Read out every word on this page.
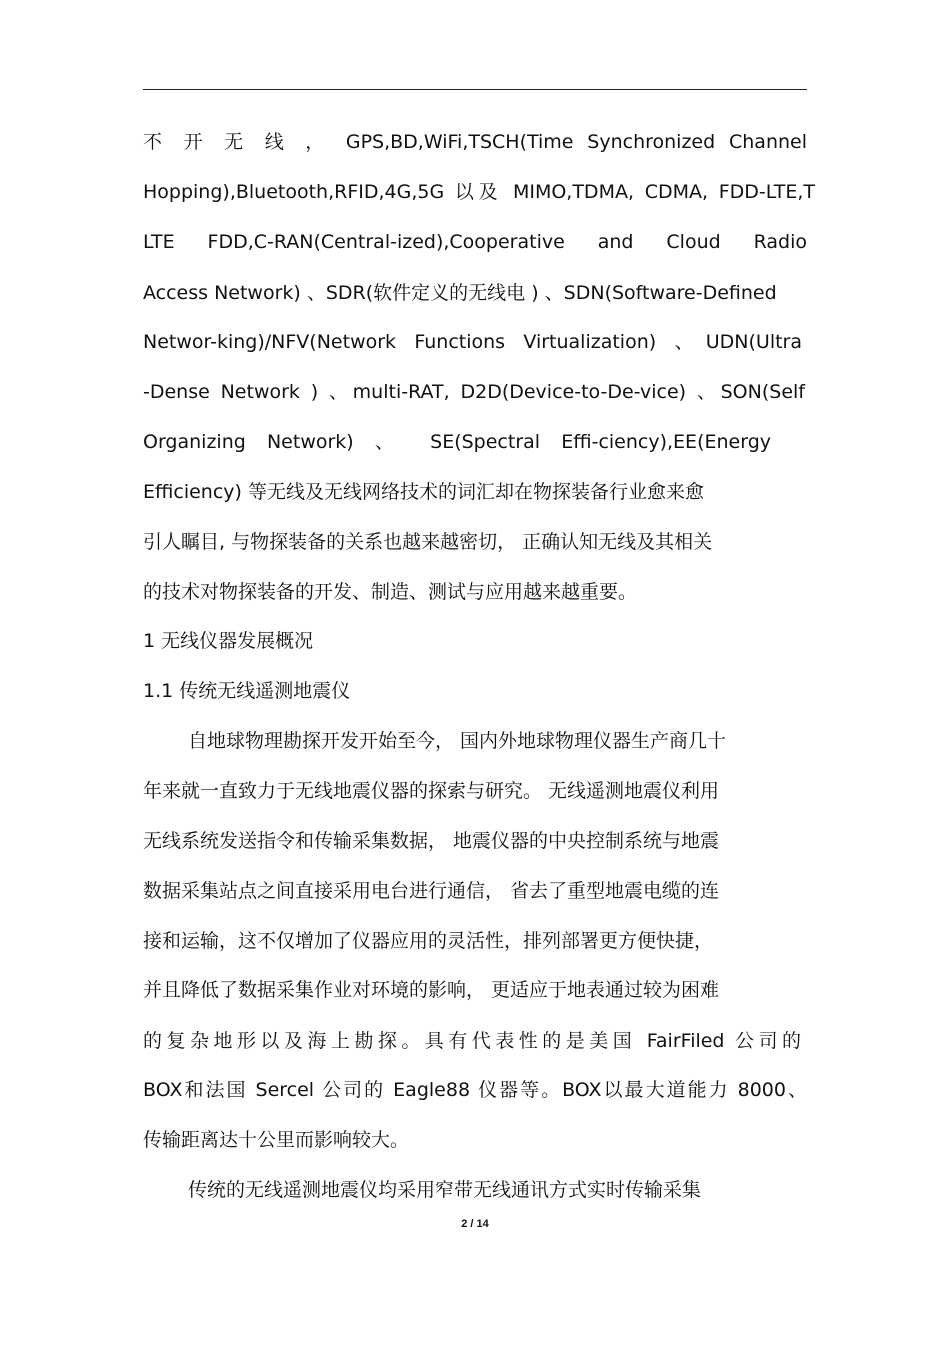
不 开 无 线 ， GPS,BD,WiFi,TSCH(Time Synchronized Channel
Hopping),Bluetooth,RFID,4G,5G 以及 MIMO,TDMA, CDMA, FDD-LTE,T
LTE FDD,C-RAN(Central-ized),Cooperative and Cloud Radio
Access Network) 、SDR(软件定义的无线电 ) 、SDN(Software-Defined
Networ-king)/NFV(Network Functions Virtualization) 、UDN(Ultra
-Dense Network ) 、multi-RAT, D2D(Device-to-De-vice) 、SON(Self
Organizing Network) 、 SE(Spectral Effi-ciency),EE(Energy
Efficiency) 等无线及无线网络技术的词汇却在物探装备行业愈来愈
引人瞩目, 与物探装备的关系也越来越密切， 正确认知无线及其相关
的技术对物探装备的开发、制造、测试与应用越来越重要。
1 无线仪器发展概况
1.1 传统无线遥测地震仪
自地球物理勘探开发开始至今， 国内外地球物理仪器生产商几十
年来就一直致力于无线地震仪器的探索与研究。 无线遥测地震仪利用
无线系统发送指令和传输采集数据， 地震仪器的中央控制系统与地震
数据采集站点之间直接采用电台进行通信， 省去了重型地震电缆的连
接和运输，这不仅增加了仪器应用的灵活性，排列部署更方便快捷，
并且降低了数据采集作业对环境的影响， 更适应于地表通过较为困难
的复杂地形以及海上勘探。具有代表性的是美国 FairFiled 公司的
BOX和法国 Sercel 公司的 Eagle88 仪器等。BOX以最大道能力 8000、
传输距离达十公里而影响较大。
传统的无线遥测地震仪均采用窄带无线通讯方式实时传输采集
2 / 14
